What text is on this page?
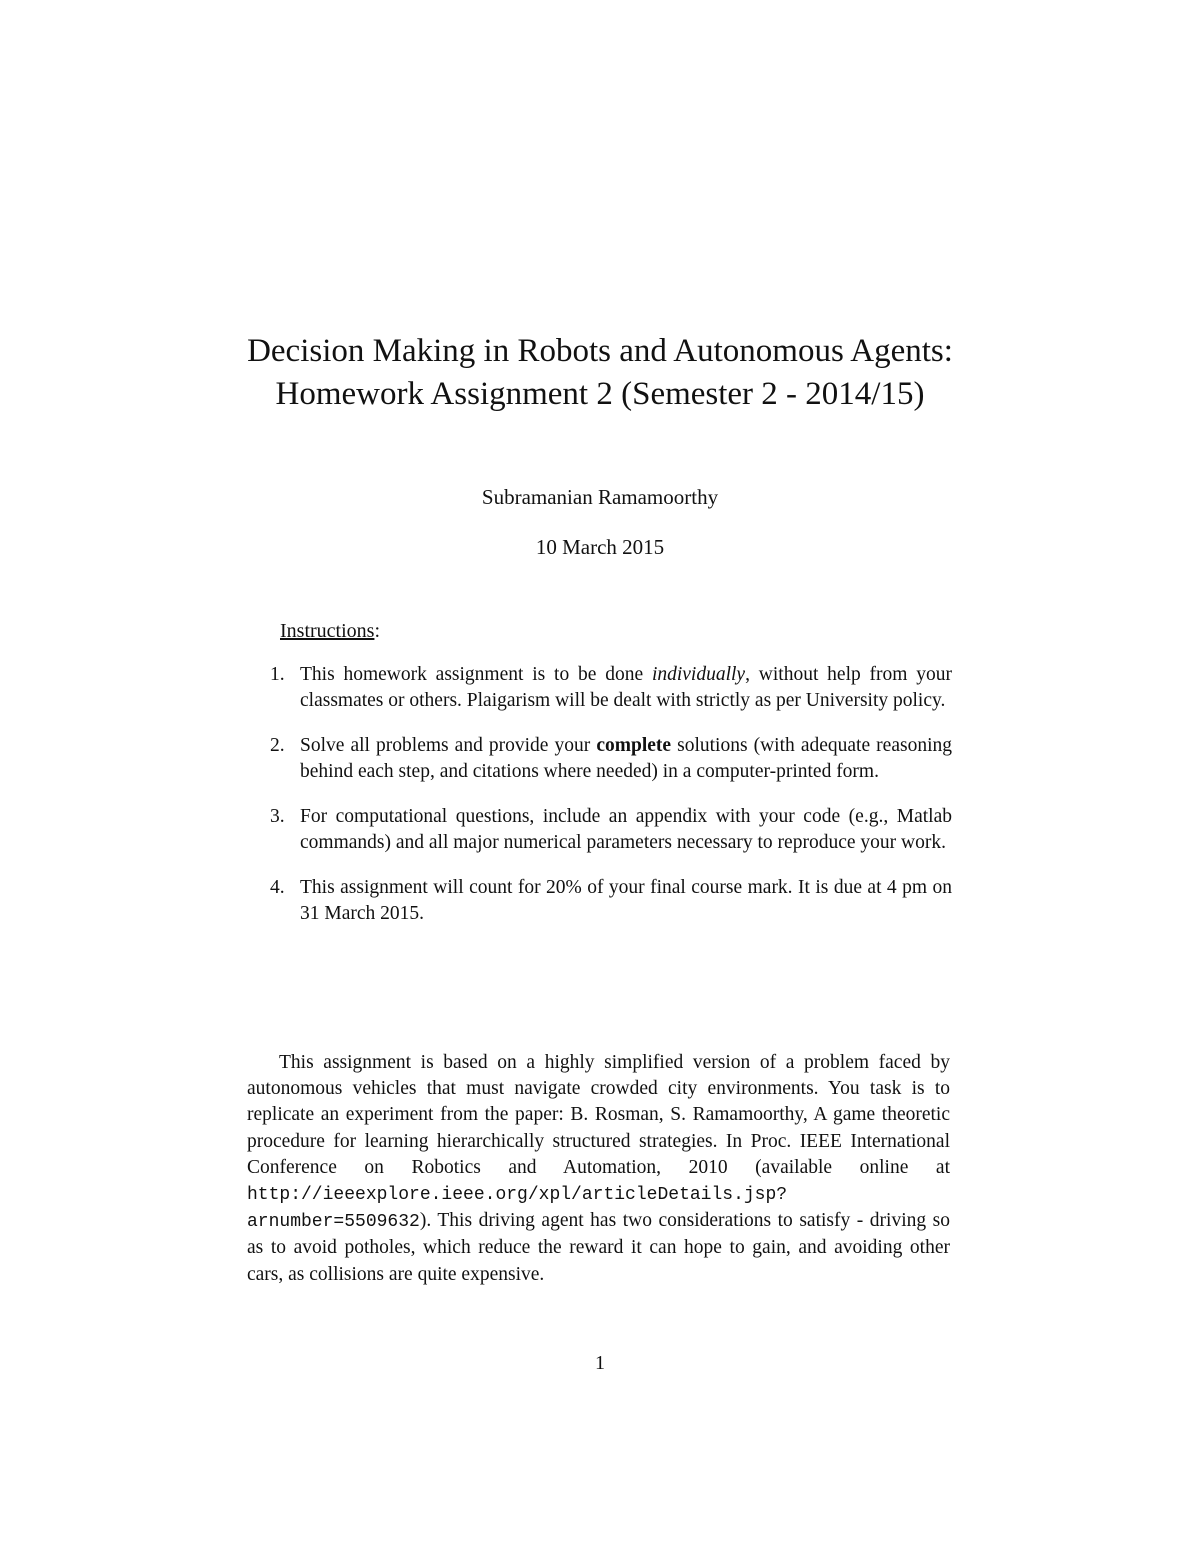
Decision Making in Robots and Autonomous Agents: Homework Assignment 2 (Semester 2 - 2014/15)
Subramanian Ramamoorthy
10 March 2015
Instructions:
1. This homework assignment is to be done individually, without help from your classmates or others. Plaigarism will be dealt with strictly as per University policy.
2. Solve all problems and provide your complete solutions (with adequate reasoning behind each step, and citations where needed) in a computer-printed form.
3. For computational questions, include an appendix with your code (e.g., Matlab commands) and all major numerical parameters necessary to reproduce your work.
4. This assignment will count for 20% of your final course mark. It is due at 4 pm on 31 March 2015.

This assignment is based on a highly simplified version of a problem faced by autonomous vehicles that must navigate crowded city environments. You task is to replicate an experiment from the paper: B. Rosman, S. Ramamoorthy, A game theoretic procedure for learning hierarchically structured strategies. In Proc. IEEE International Conference on Robotics and Automation, 2010 (available online at http://ieeexplore.ieee.org/xpl/articleDetails.jsp?arnumber=5509632). This driving agent has two considerations to satisfy - driving so as to avoid potholes, which reduce the reward it can hope to gain, and avoiding other cars, as collisions are quite expensive.

1
